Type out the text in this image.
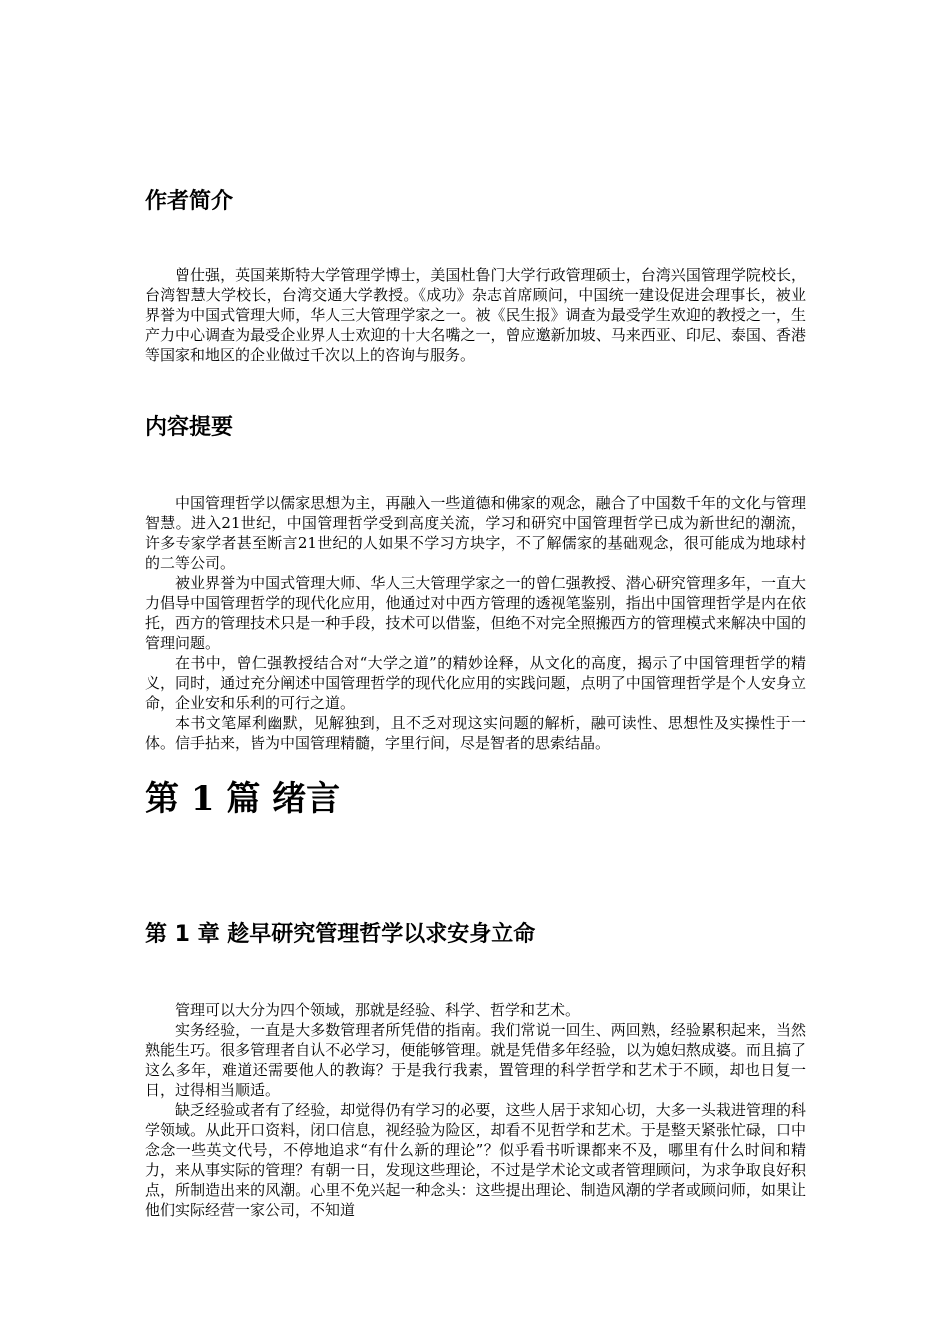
作者简介

曾仕强，英国莱斯特大学管理学博士，美国杜鲁门大学行政管理硕士，台湾兴国管理学院校长，台湾智慧大学校长，台湾交通大学教授。《成功》杂志首席顾问，中国统一建设促进会理事长，被业界誉为中国式管理大师，华人三大管理学家之一。被《民生报》调查为最受学生欢迎的教授之一，生产力中心调查为最受企业界人士欢迎的十大名嘴之一，曾应邀新加坡、马来西亚、印尼、泰国、香港等国家和地区的企业做过千次以上的咨询与服务。

内容提要

中国管理哲学以儒家思想为主，再融入一些道德和佛家的观念，融合了中国数千年的文化与管理智慧。进入21世纪，中国管理哲学受到高度关流，学习和研究中国管理哲学已成为新世纪的潮流，许多专家学者甚至断言21世纪的人如果不学习方块字，不了解儒家的基础观念，很可能成为地球村的二等公司。

被业界誉为中国式管理大师、华人三大管理学家之一的曾仁强教授、潜心研究管理多年，一直大力倡导中国管理哲学的现代化应用，他通过对中西方管理的透视笔鉴别，指出中国管理哲学是内在依托，西方的管理技术只是一种手段，技术可以借鉴，但绝不对完全照搬西方的管理模式来解决中国的管理问题。

在书中，曾仁强教授结合对“大学之道”的精妙诠释，从文化的高度，揭示了中国管理哲学的精义，同时，通过充分阐述中国管理哲学的现代化应用的实践问题，点明了中国管理哲学是个人安身立命，企业安和乐利的可行之道。

本书文笔犀利幽默，见解独到，且不乏对现这实问题的解析，融可读性、思想性及实操性于一体。信手拈来，皆为中国管理精髓，字里行间，尽是智者的思索结晶。

第 1 篇 绪言
第 1 章 趁早研究管理哲学以求安身立命

管理可以大分为四个领域，那就是经验、科学、哲学和艺术。

实务经验，一直是大多数管理者所凭借的指南。我们常说一回生、两回熟，经验累积起来，当然熟能生巧。很多管理者自认不必学习，便能够管理。就是凭借多年经验，以为媳妇熬成婆。而且搞了这么多年，难道还需要他人的教诲？于是我行我素，置管理的科学哲学和艺术于不顾，却也日复一日，过得相当顺适。

缺乏经验或者有了经验，却觉得仍有学习的必要，这些人居于求知心切，大多一头栽进管理的科学领域。从此开口资料，闭口信息，视经验为险区，却看不见哲学和艺术。于是整天紧张忙碌，口中念念一些英文代号，不停地追求“有什么新的理论”？似乎看书听课都来不及，哪里有什么时间和精力，来从事实际的管理？有朝一日，发现这些理论，不过是学术论文或者管理顾问，为求争取良好积点，所制造出来的风潮。心里不免兴起一种念头：这些提出理论、制造风潮的学者或顾问师，如果让他们实际经营一家公司，不知道
